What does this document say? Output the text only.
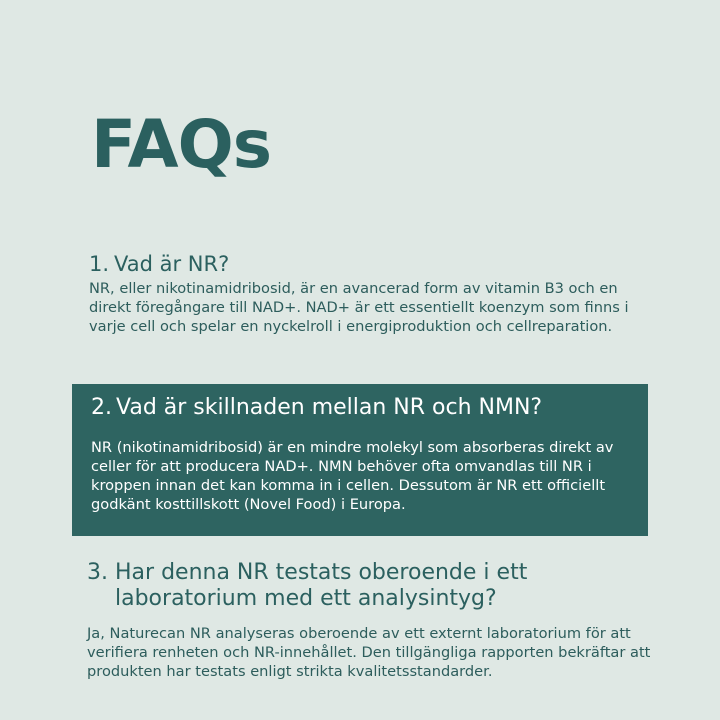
FAQs
1. Vad är NR?

NR, eller nikotinamidribosid, är en avancerad form av vitamin B3 och en direkt föregångare till NAD+. NAD+ är ett essentiellt koenzym som finns i varje cell och spelar en nyckelroll i energiproduktion och cellreparation.

2. Vad är skillnaden mellan NR och NMN?

NR (nikotinamidribosid) är en mindre molekyl som absorberas direkt av celler för att producera NAD+. NMN behöver ofta omvandlas till NR i kroppen innan det kan komma in i cellen. Dessutom är NR ett officiellt godkänt kosttillskott (Novel Food) i Europa.

3. Har denna NR testats oberoende i ett laboratorium med ett analysintyg?

Ja, Naturecan NR analyseras oberoende av ett externt laboratorium för att verifiera renheten och NR-innehållet. Den tillgängliga rapporten bekräftar att produkten har testats enligt strikta kvalitetsstandarder.
